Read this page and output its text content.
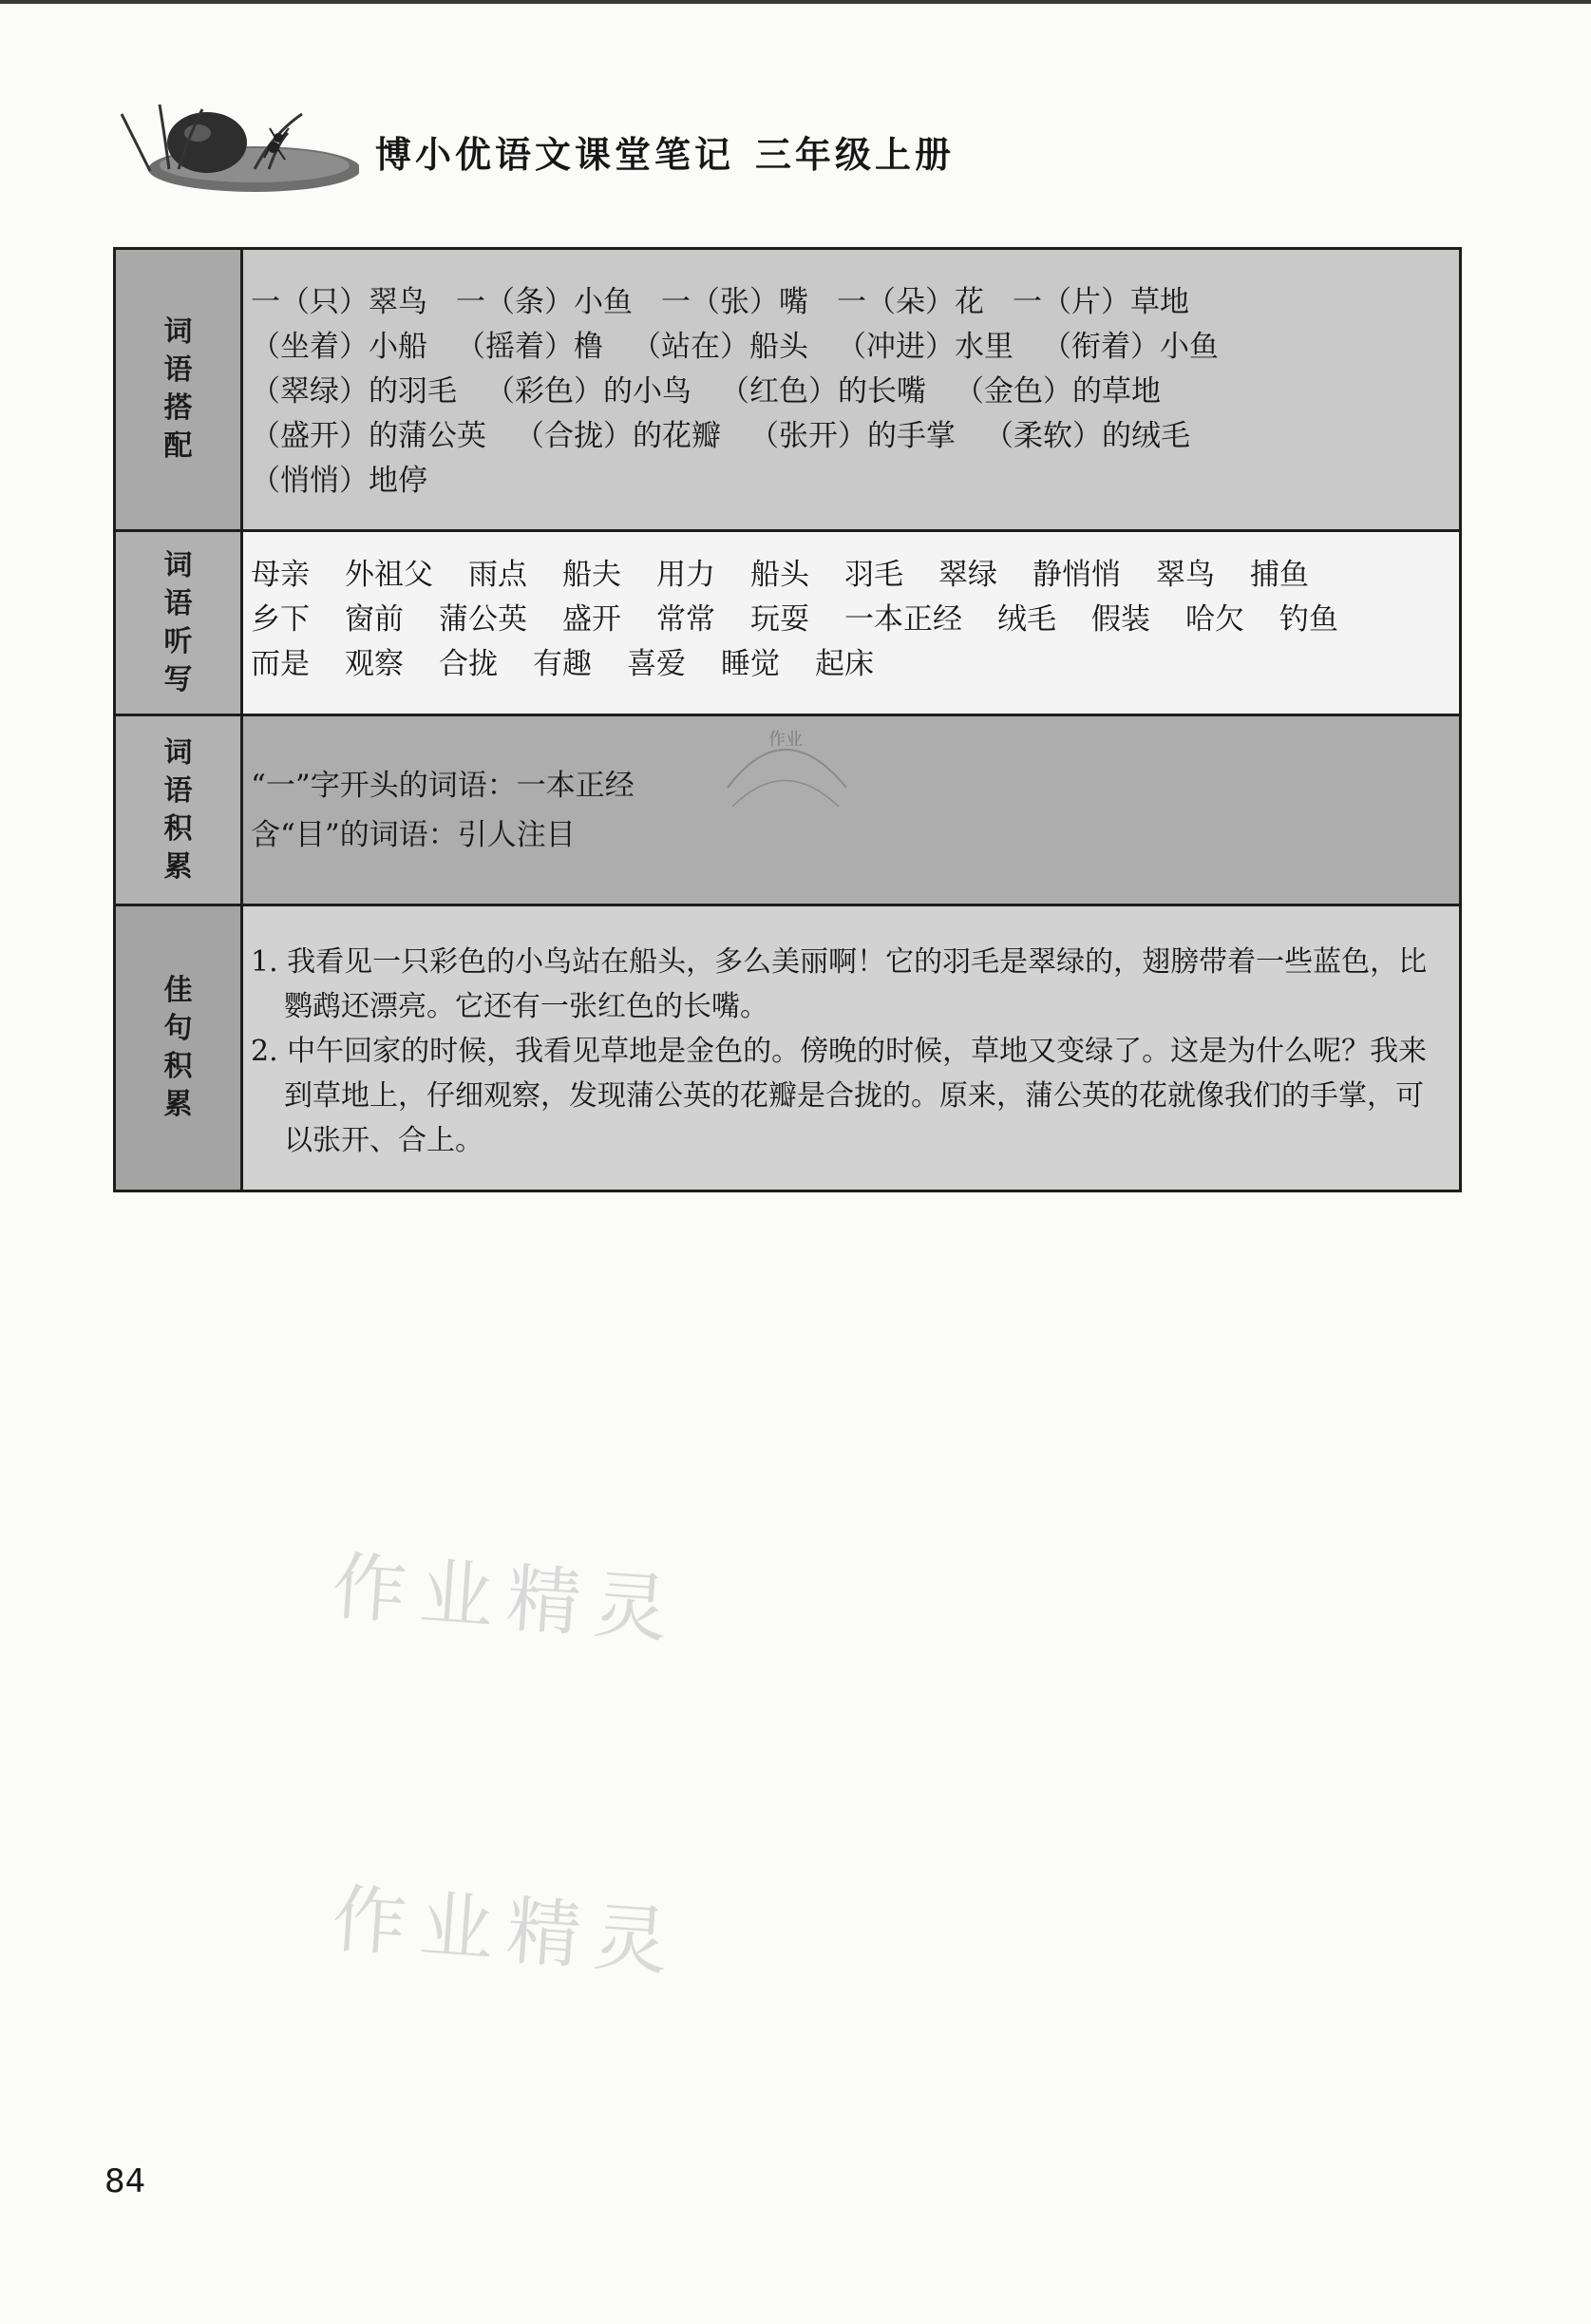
博小优语文课堂笔记 三年级上册
词语搭配
一（只）翠鸟 一（条）小鱼 一（张）嘴 一（朵）花 一（片）草地
（坐着）小船 （摇着）橹 （站在）船头 （冲进）水里 （衔着）小鱼
（翠绿）的羽毛 （彩色）的小鸟 （红色）的长嘴 （金色）的草地
（盛开）的蒲公英 （合拢）的花瓣 （张开）的手掌 （柔软）的绒毛
（悄悄）地停
词语听写
母亲 外祖父 雨点 船夫 用力 船头 羽毛 翠绿 静悄悄 翠鸟 捕鱼
乡下 窗前 蒲公英 盛开 常常 玩耍 一本正经 绒毛 假装 哈欠 钓鱼
而是 观察 合拢 有趣 喜爱 睡觉 起床
词语积累
作业
“一”字开头的词语：一本正经
含“目”的词语：引人注目
佳句积累
1. 我看见一只彩色的小鸟站在船头，多么美丽啊！它的羽毛是翠绿的，翅膀带着一些蓝色，比鹦鹉还漂亮。它还有一张红色的长嘴。
2. 中午回家的时候，我看见草地是金色的。傍晚的时候，草地又变绿了。这是为什么呢？我来到草地上，仔细观察，发现蒲公英的花瓣是合拢的。原来，蒲公英的花就像我们的手掌，可以张开、合上。
作业精灵
作业精灵
84
